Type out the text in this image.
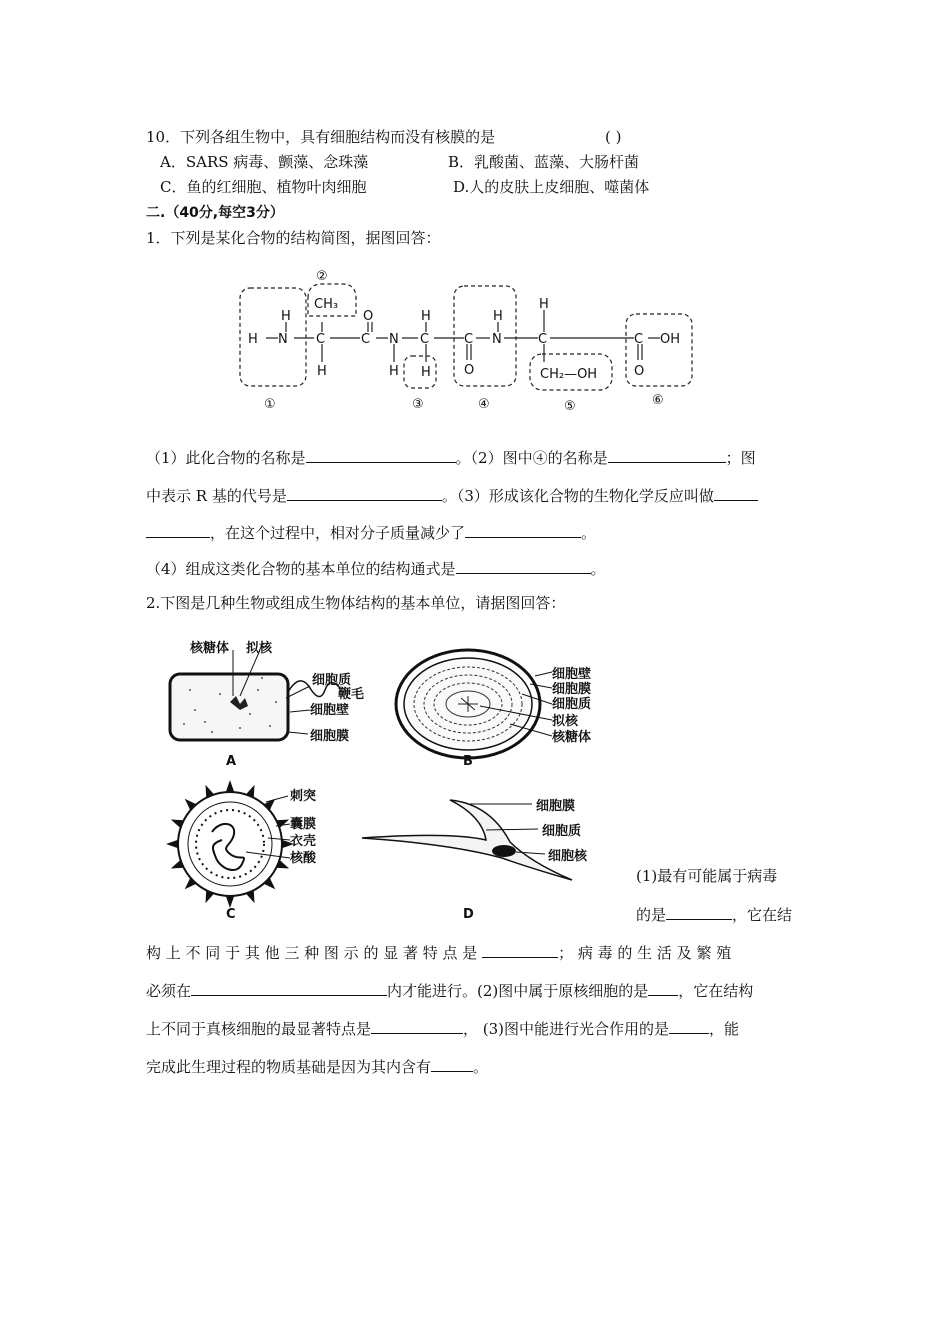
10．下列各组生物中，具有细胞结构而没有核膜的是	( )
A．SARS 病毒、颤藻、念珠藻	B．乳酸菌、蓝藻、大肠杆菌
C．鱼的红细胞、植物叶肉细胞	D.人的皮肤上皮细胞、噬菌体
二.（40分,每空3分）
1．下列是某化合物的结构简图，据图回答：
②
H
H N
CH₃
C
H
O
C N
H
H
C
H
C
O
H
N
H
C
CH₂—OH
C OH
O
①	③	④	⑤	⑥
（1）此化合物的名称是	。（2）图中④的名称是	；图
中表示 R 基的代号是	。（3）形成该化合物的生物化学反应叫做
，在这个过程中，相对分子质量减少了	。
（4）组成这类化合物的基本单位的结构通式是	。
2.下图是几种生物或组成生物体结构的基本单位，请据图回答：
核糖体 拟核
细胞质
鞭毛
细胞壁
细胞膜
A
细胞壁
细胞膜
细胞质
拟核
核糖体
B
刺突
囊膜
衣壳
核酸
C
细胞膜
细胞质
细胞核
D
(1)最有可能属于病毒
的是	，它在结
构 上 不 同 于 其 他 三 种 图 示 的 显 著 特 点 是	； 病 毒 的 生 活 及 繁 殖
必须在	内才能进行。(2)图中属于原核细胞的是 ，它在结构
上不同于真核细胞的最显著特点是	， (3)图中能进行光合作用的是	，能
完成此生理过程的物质基础是因为其内含有	。
